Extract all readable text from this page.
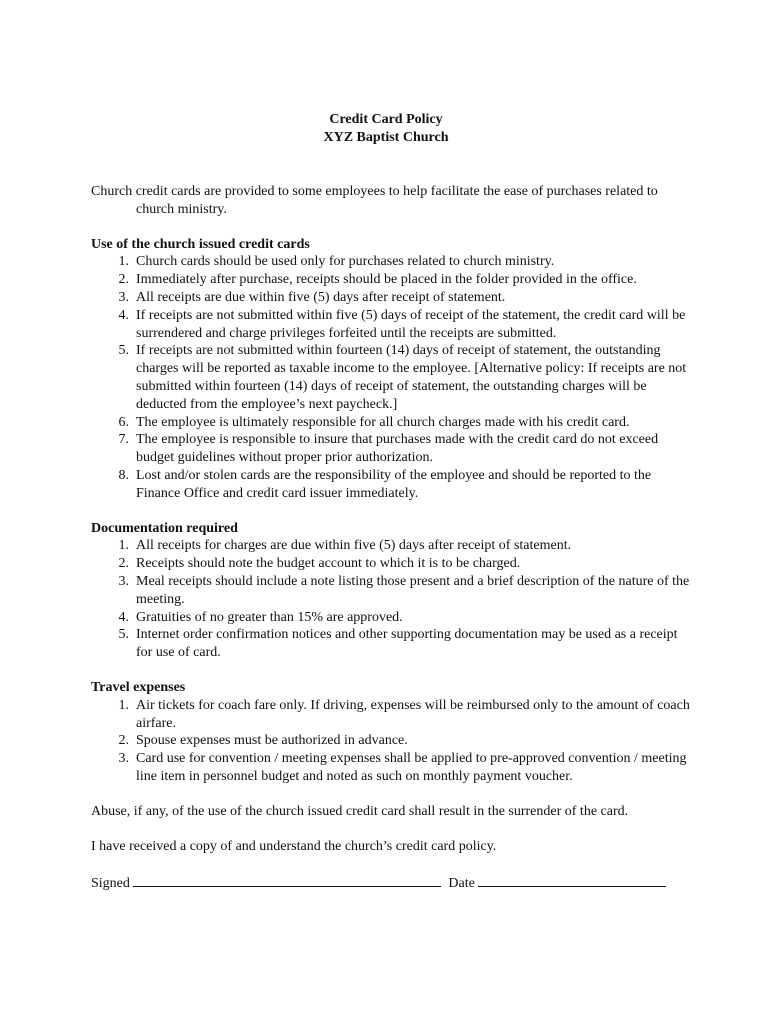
Credit Card Policy
XYZ Baptist Church
Church credit cards are provided to some employees to help facilitate the ease of purchases related to church ministry.
Use of the church issued credit cards
1. Church cards should be used only for purchases related to church ministry.
2. Immediately after purchase, receipts should be placed in the folder provided in the office.
3. All receipts are due within five (5) days after receipt of statement.
4. If receipts are not submitted within five (5) days of receipt of the statement, the credit card will be surrendered and charge privileges forfeited until the receipts are submitted.
5. If receipts are not submitted within fourteen (14) days of receipt of statement, the outstanding charges will be reported as taxable income to the employee. [Alternative policy: If receipts are not submitted within fourteen (14) days of receipt of statement, the outstanding charges will be deducted from the employee’s next paycheck.]
6. The employee is ultimately responsible for all church charges made with his credit card.
7. The employee is responsible to insure that purchases made with the credit card do not exceed budget guidelines without proper prior authorization.
8. Lost and/or stolen cards are the responsibility of the employee and should be reported to the Finance Office and credit card issuer immediately.
Documentation required
1. All receipts for charges are due within five (5) days after receipt of statement.
2. Receipts should note the budget account to which it is to be charged.
3. Meal receipts should include a note listing those present and a brief description of the nature of the meeting.
4. Gratuities of no greater than 15% are approved.
5. Internet order confirmation notices and other supporting documentation may be used as a receipt for use of card.
Travel expenses
1. Air tickets for coach fare only. If driving, expenses will be reimbursed only to the amount of coach airfare.
2. Spouse expenses must be authorized in advance.
3. Card use for convention / meeting expenses shall be applied to pre-approved convention / meeting line item in personnel budget and noted as such on monthly payment voucher.
Abuse, if any, of the use of the church issued credit card shall result in the surrender of the card.
I have received a copy of and understand the church’s credit card policy.
Signed	Date
